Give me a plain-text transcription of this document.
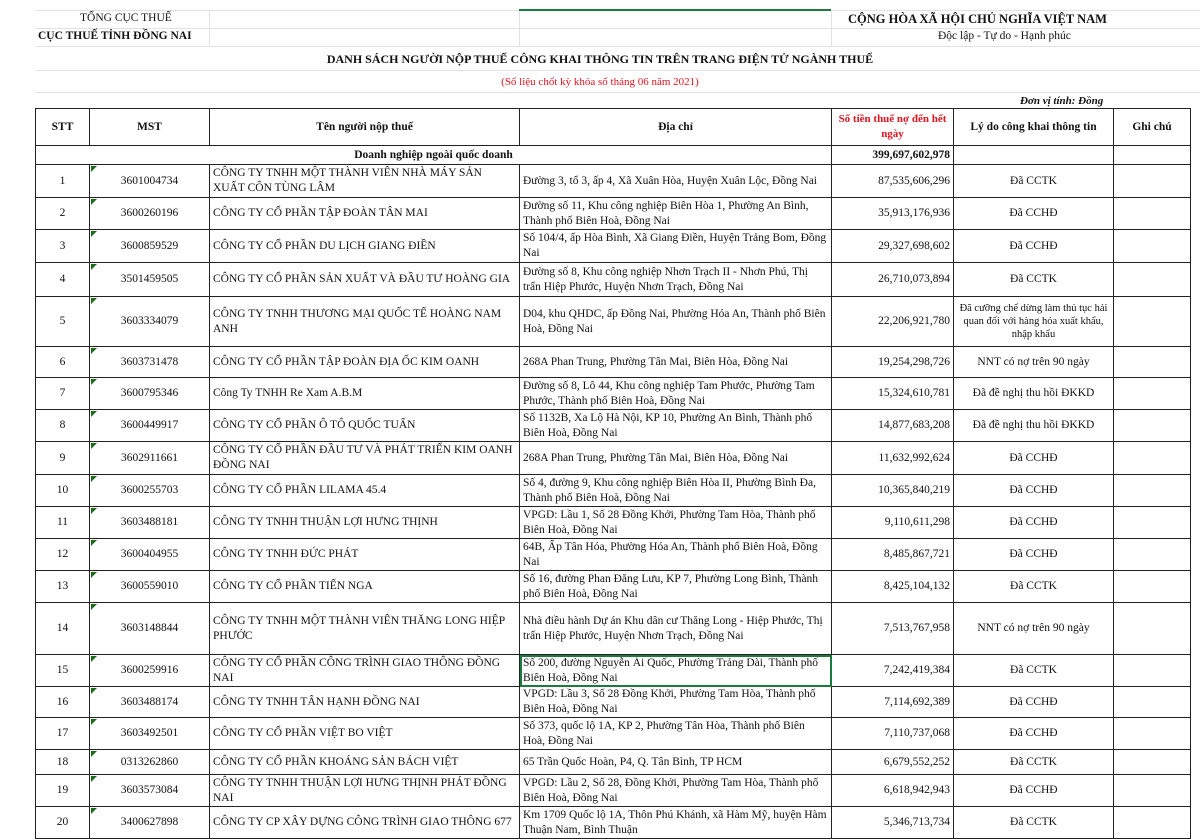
TỔNG CỤC THUẾ
CỤC THUẾ TỈNH ĐỒNG NAI
CỘNG HÒA XÃ HỘI CHỦ NGHĨA VIỆT NAM
Độc lập - Tự do - Hạnh phúc
DANH SÁCH NGƯỜI NỘP THUẾ CÔNG KHAI THÔNG TIN TRÊN TRANG ĐIỆN TỬ NGÀNH THUẾ
(Số liệu chốt kỳ khóa sổ tháng 06 năm 2021)
Đơn vị tính: Đồng
STT	MST	Tên người nộp thuế	Địa chỉ	Số tiền thuế nợ đến hết ngày	Lý do công khai thông tin	Ghi chú
Doanh nghiệp ngoài quốc doanh				399,697,602,978		
1	3601004734	CÔNG TY TNHH MỘT THÀNH VIÊN NHÀ MÁY SẢN XUẤT CÔN TÙNG LÂM	Đường 3, tổ 3, ấp 4, Xã Xuân Hòa, Huyện Xuân Lộc, Đồng Nai	87,535,606,296	Đã CCTK	
2	3600260196	CÔNG TY CỔ PHẦN TẬP ĐOÀN TÂN MAI	Đường số 11, Khu công nghiệp Biên Hòa 1, Phường An Bình, Thành phố Biên Hoà, Đồng Nai	35,913,176,936	Đã CCHĐ	
3	3600859529	CÔNG TY CỔ PHẦN DU LỊCH GIANG ĐIỀN	Số 104/4, ấp Hòa Bình, Xã Giang Điền, Huyện Trảng Bom, Đồng Nai	29,327,698,602	Đã CCHĐ	
4	3501459505	CÔNG TY CỔ PHẦN SẢN XUẤT VÀ ĐẦU TƯ HOÀNG GIA	Đường số 8, Khu công nghiệp Nhơn Trạch II - Nhơn Phú, Thị trấn Hiệp Phước, Huyện Nhơn Trạch, Đồng Nai	26,710,073,894	Đã CCTK	
5	3603334079	CÔNG TY TNHH THƯƠNG MẠI QUỐC TẾ HOÀNG NAM ANH	D04, khu QHDC, ấp Đồng Nai, Phường Hóa An, Thành phố Biên Hoà, Đồng Nai	22,206,921,780	Đã cưỡng chế dừng làm thủ tục hải quan đối với hàng hóa xuất khẩu, nhập khẩu	
6	3603731478	CÔNG TY CỔ PHẦN TẬP ĐOÀN ĐỊA ỐC KIM OANH	268A Phan Trung, Phường Tân Mai, Biên Hòa, Đồng Nai	19,254,298,726	NNT có nợ trên 90 ngày	
7	3600795346	Công Ty TNHH Re Xam A.B.M	Đường số 8, Lô 44, Khu công nghiệp Tam Phước, Phường Tam Phước, Thành phố Biên Hoà, Đồng Nai	15,324,610,781	Đã đề nghị thu hồi ĐKKD	
8	3600449917	CÔNG TY CỔ PHẦN Ô TÔ QUỐC TUẤN	Số 1132B, Xa Lộ Hà Nội, KP 10, Phường An Bình, Thành phố Biên Hoà, Đồng Nai	14,877,683,208	Đã đề nghị thu hồi ĐKKD	
9	3602911661	CÔNG TY CỔ PHẦN ĐẦU TƯ VÀ PHÁT TRIỂN KIM OANH ĐỒNG NAI	268A Phan Trung, Phường Tân Mai, Biên Hòa, Đồng Nai	11,632,992,624	Đã CCHĐ	
10	3600255703	CÔNG TY CỔ PHẦN LILAMA 45.4	Số 4, đường 9, Khu công nghiệp Biên Hòa II, Phường Bình Đa, Thành phố Biên Hoà, Đồng Nai	10,365,840,219	Đã CCHĐ	
11	3603488181	CÔNG TY TNHH THUẬN LỢI HƯNG THỊNH	VPGD: Lầu 1, Số 28 Đồng Khởi, Phường Tam Hòa, Thành phố Biên Hoà, Đồng Nai	9,110,611,298	Đã CCHĐ	
12	3600404955	CÔNG TY TNHH ĐỨC PHÁT	64B, Ấp Tân Hóa, Phường Hóa An, Thành phố Biên Hoà, Đồng Nai	8,485,867,721	Đã CCHĐ	
13	3600559010	CÔNG TY CỔ PHẦN TIẾN NGA	Số 16, đường Phan Đăng Lưu, KP 7, Phường Long Bình, Thành phố Biên Hoà, Đồng Nai	8,425,104,132	Đã CCTK	
14	3603148844	CÔNG TY TNHH MỘT THÀNH VIÊN THĂNG LONG HIỆP PHƯỚC	Nhà điều hành Dự án Khu dân cư Thăng Long - Hiệp Phước, Thị trấn Hiệp Phước, Huyện Nhơn Trạch, Đồng Nai	7,513,767,958	NNT có nợ trên 90 ngày	
15	3600259916	CÔNG TY CỔ PHẦN CÔNG TRÌNH GIAO THÔNG ĐỒNG NAI	Số 200, đường Nguyễn Ái Quốc, Phường Trảng Dài, Thành phố Biên Hoà, Đồng Nai	7,242,419,384	Đã CCTK	
16	3603488174	CÔNG TY TNHH TÂN HẠNH ĐỒNG NAI	VPGD: Lầu 3, Số 28 Đồng Khởi, Phường Tam Hòa, Thành phố Biên Hoà, Đồng Nai	7,114,692,389	Đã CCHĐ	
17	3603492501	CÔNG TY CỔ PHẦN VIỆT BO VIỆT	Số 373, quốc lộ 1A, KP 2, Phường Tân Hòa, Thành phố Biên Hoà, Đồng Nai	7,110,737,068	Đã CCHĐ	
18	0313262860	CÔNG TY CỔ PHẦN KHOÁNG SẢN BÁCH VIỆT	65 Trần Quốc Hoàn, P4, Q. Tân Bình, TP HCM	6,679,552,252	Đã CCTK	
19	3603573084	CÔNG TY TNHH THUẬN LỢI HƯNG THỊNH PHÁT ĐỒNG NAI	VPGD: Lầu 2, Số 28, Đồng Khởi, Phường Tam Hòa, Thành phố Biên Hoà, Đồng Nai	6,618,942,943	Đã CCHĐ	
20	3400627898	CÔNG TY CP XÂY DỰNG CÔNG TRÌNH GIAO THÔNG 677	Km 1709 Quốc lộ 1A, Thôn Phú Khánh, xã Hàm Mỹ, huyện Hàm Thuận Nam, Bình Thuận	5,346,713,734	Đã CCTK	
